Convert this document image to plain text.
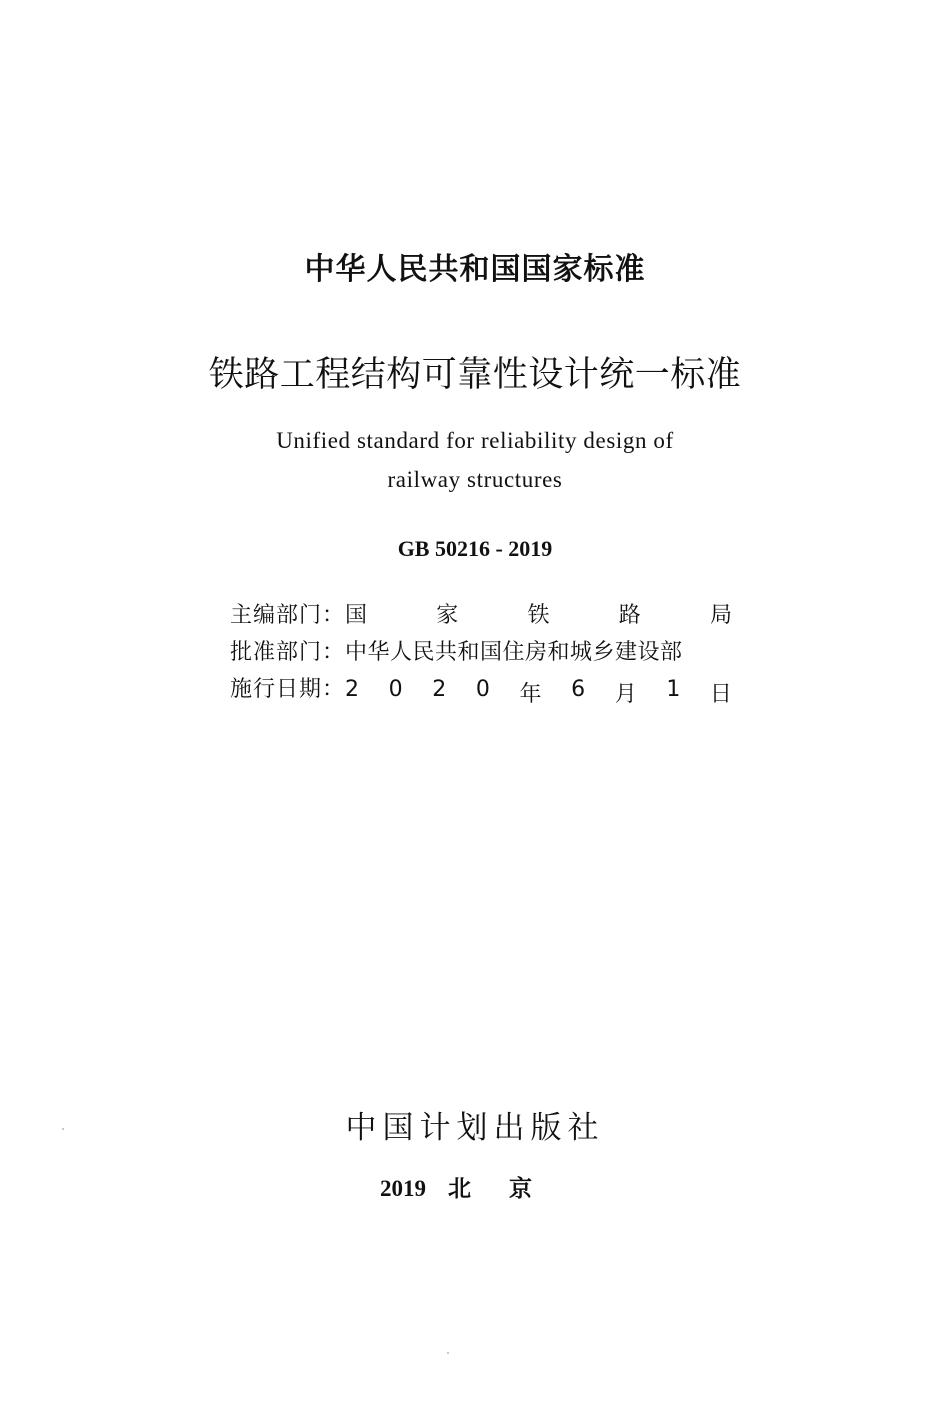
中华人民共和国国家标准
铁路工程结构可靠性设计统一标准
Unified standard for reliability design of
railway structures
GB 50216 - 2019
主编部门： 国	家	铁	路	局
批准部门： 中华人民共和国住房和城乡建设部
施行日期： 2 0 2 0 年 6 月 1 日
中国计划出版社
2019 北京
